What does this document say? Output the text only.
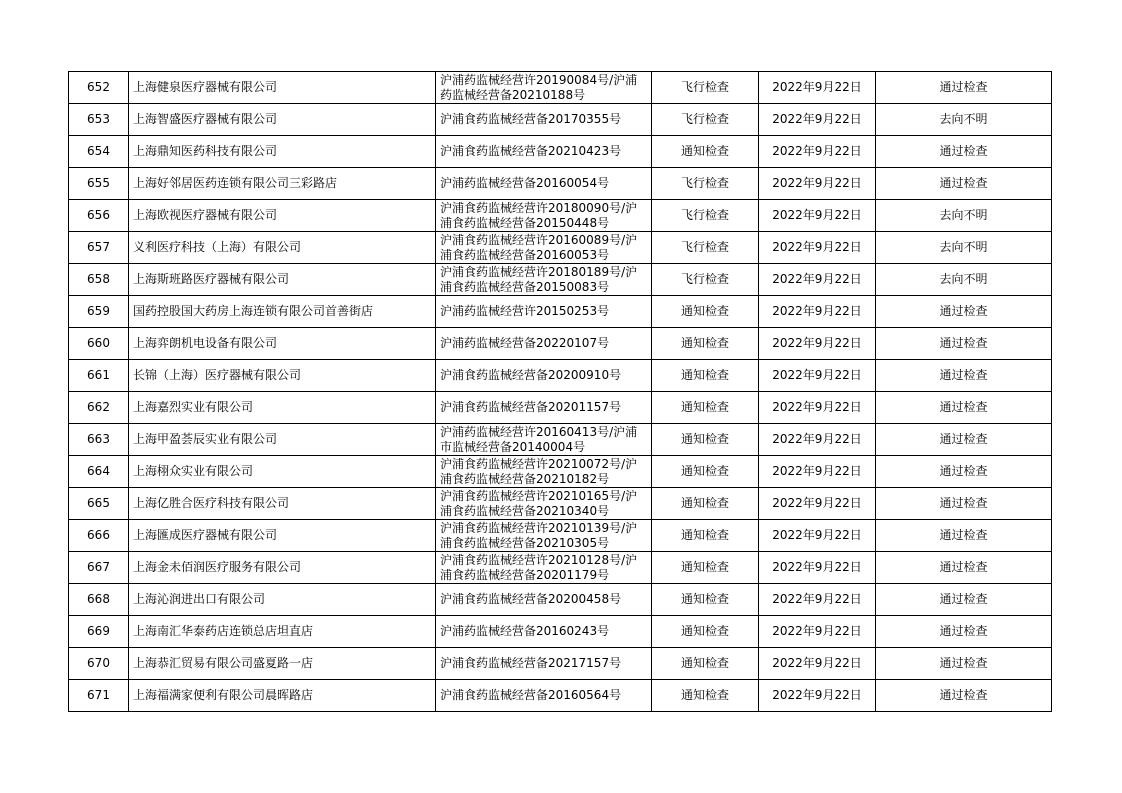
652	上海健泉医疗器械有限公司	沪浦药监械经营许20190084号/沪浦药监械经营备20210188号	飞行检查	2022年9月22日	通过检查
653	上海智盛医疗器械有限公司	沪浦食药监械经营备20170355号	飞行检查	2022年9月22日	去向不明
654	上海鼎知医药科技有限公司	沪浦食药监械经营备20210423号	通知检查	2022年9月22日	通过检查
655	上海好邻居医药连锁有限公司三彩路店	沪浦药监械经营备20160054号	飞行检查	2022年9月22日	通过检查
656	上海欧视医疗器械有限公司	沪浦食药监械经营许20180090号/沪浦食药监械经营备20150448号	飞行检查	2022年9月22日	去向不明
657	义利医疗科技（上海）有限公司	沪浦食药监械经营许20160089号/沪浦食药监械经营备20160053号	飞行检查	2022年9月22日	去向不明
658	上海斯班路医疗器械有限公司	沪浦食药监械经营许20180189号/沪浦食药监械经营备20150083号	飞行检查	2022年9月22日	去向不明
659	国药控股国大药房上海连锁有限公司首善街店	沪浦药监械经营许20150253号	通知检查	2022年9月22日	通过检查
660	上海弈朗机电设备有限公司	沪浦药监械经营备20220107号	通知检查	2022年9月22日	通过检查
661	长锦（上海）医疗器械有限公司	沪浦食药监械经营备20200910号	通知检查	2022年9月22日	通过检查
662	上海嘉烈实业有限公司	沪浦食药监械经营备20201157号	通知检查	2022年9月22日	通过检查
663	上海甲盈荟辰实业有限公司	沪浦药监械经营许20160413号/沪浦市监械经营备20140004号	通知检查	2022年9月22日	通过检查
664	上海栩众实业有限公司	沪浦食药监械经营许20210072号/沪浦食药监械经营备20210182号	通知检查	2022年9月22日	通过检查
665	上海亿胜合医疗科技有限公司	沪浦食药监械经营许20210165号/沪浦食药监械经营备20210340号	通知检查	2022年9月22日	通过检查
666	上海匯成医疗器械有限公司	沪浦食药监械经营许20210139号/沪浦食药监械经营备20210305号	通知检查	2022年9月22日	通过检查
667	上海金未佰润医疗服务有限公司	沪浦食药监械经营许20210128号/沪浦食药监械经营备20201179号	通知检查	2022年9月22日	通过检查
668	上海沁润进出口有限公司	沪浦食药监械经营备20200458号	通知检查	2022年9月22日	通过检查
669	上海南汇华泰药店连锁总店坦直店	沪浦药监械经营备20160243号	通知检查	2022年9月22日	通过检查
670	上海恭汇贸易有限公司盛夏路一店	沪浦食药监械经营备20217157号	通知检查	2022年9月22日	通过检查
671	上海福满家便利有限公司晨晖路店	沪浦食药监械经营备20160564号	通知检查	2022年9月22日	通过检查
